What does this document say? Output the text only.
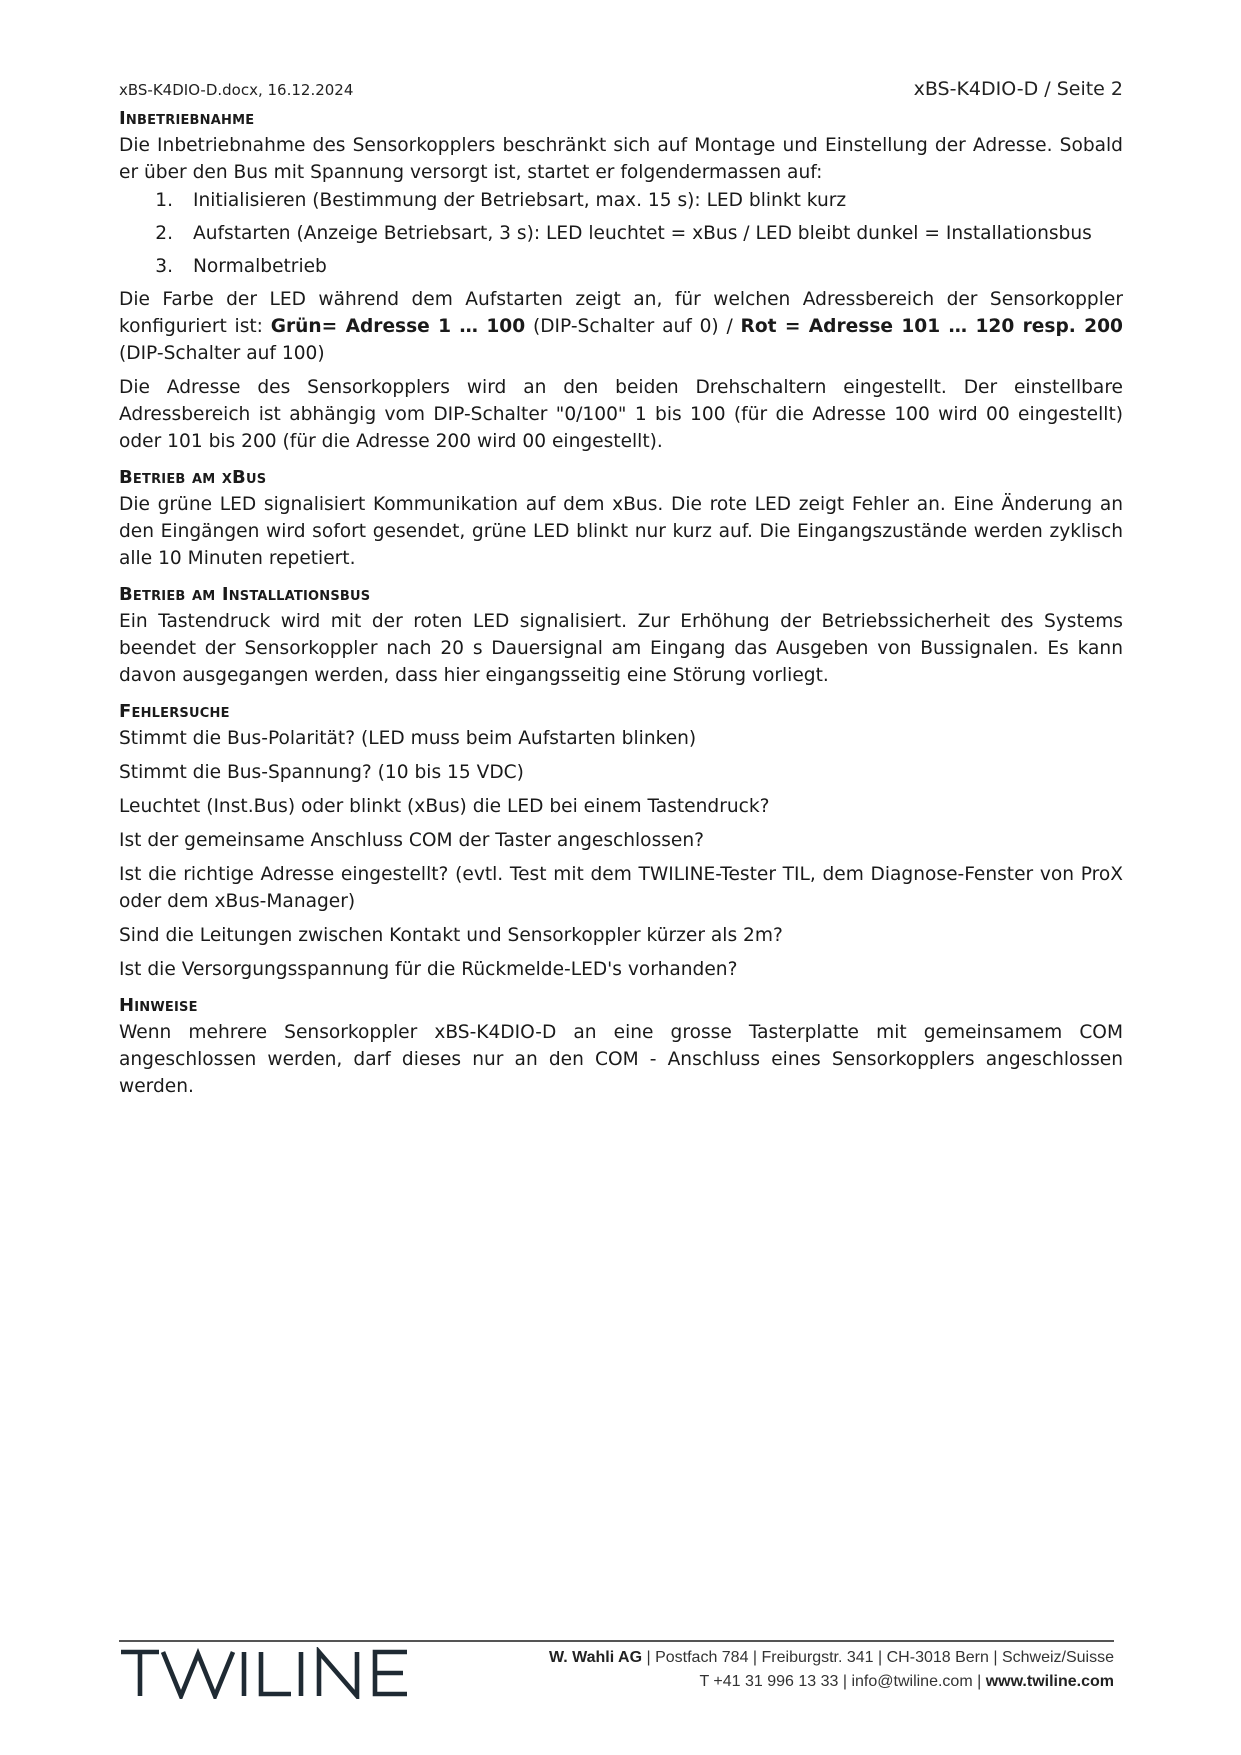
xBS-K4DIO-D.docx, 16.12.2024	xBS-K4DIO-D / Seite 2
Inbetriebnahme

Die Inbetriebnahme des Sensorkopplers beschränkt sich auf Montage und Einstellung der Adresse. Sobald er über den Bus mit Spannung versorgt ist, startet er folgendermassen auf:

1.	Initialisieren (Bestimmung der Betriebsart, max. 15 s): LED blinkt kurz
2.	Aufstarten (Anzeige Betriebsart, 3 s): LED leuchtet = xBus / LED bleibt dunkel = Installationsbus
3.	Normalbetrieb

Die Farbe der LED während dem Aufstarten zeigt an, für welchen Adressbereich der Sensorkoppler konfiguriert ist: Grün= Adresse 1 … 100 (DIP-Schalter auf 0) / Rot = Adresse 101 … 120 resp. 200 (DIP-Schalter auf 100)

Die Adresse des Sensorkopplers wird an den beiden Drehschaltern eingestellt. Der einstellbare Adressbereich ist abhängig vom DIP-Schalter "0/100" 1 bis 100 (für die Adresse 100 wird 00 eingestellt) oder 101 bis 200 (für die Adresse 200 wird 00 eingestellt).

Betrieb am xBus

Die grüne LED signalisiert Kommunikation auf dem xBus. Die rote LED zeigt Fehler an. Eine Änderung an den Eingängen wird sofort gesendet, grüne LED blinkt nur kurz auf. Die Eingangszustände werden zyklisch alle 10 Minuten repetiert.

Betrieb am Installationsbus

Ein Tastendruck wird mit der roten LED signalisiert. Zur Erhöhung der Betriebssicherheit des Systems beendet der Sensorkoppler nach 20 s Dauersignal am Eingang das Ausgeben von Bussignalen. Es kann davon ausgegangen werden, dass hier eingangsseitig eine Störung vorliegt.

Fehlersuche
Stimmt die Bus-Polarität? (LED muss beim Aufstarten blinken)
Stimmt die Bus-Spannung? (10 bis 15 VDC)
Leuchtet (Inst.Bus) oder blinkt (xBus) die LED bei einem Tastendruck?
Ist der gemeinsame Anschluss COM der Taster angeschlossen?
Ist die richtige Adresse eingestellt? (evtl. Test mit dem TWILINE-Tester TIL, dem Diagnose-Fenster von ProX oder dem xBus-Manager)
Sind die Leitungen zwischen Kontakt und Sensorkoppler kürzer als 2m?
Ist die Versorgungsspannung für die Rückmelde-LED's vorhanden?
Hinweise

Wenn mehrere Sensorkoppler xBS-K4DIO-D an eine grosse Tasterplatte mit gemeinsamem COM angeschlossen werden, darf dieses nur an den COM - Anschluss eines Sensorkopplers angeschlossen werden.

W. Wahli AG | Postfach 784 | Freiburgstr. 341 | CH-3018 Bern | Schweiz/Suisse
T +41 31 996 13 33 | info@twiline.com | www.twiline.com
